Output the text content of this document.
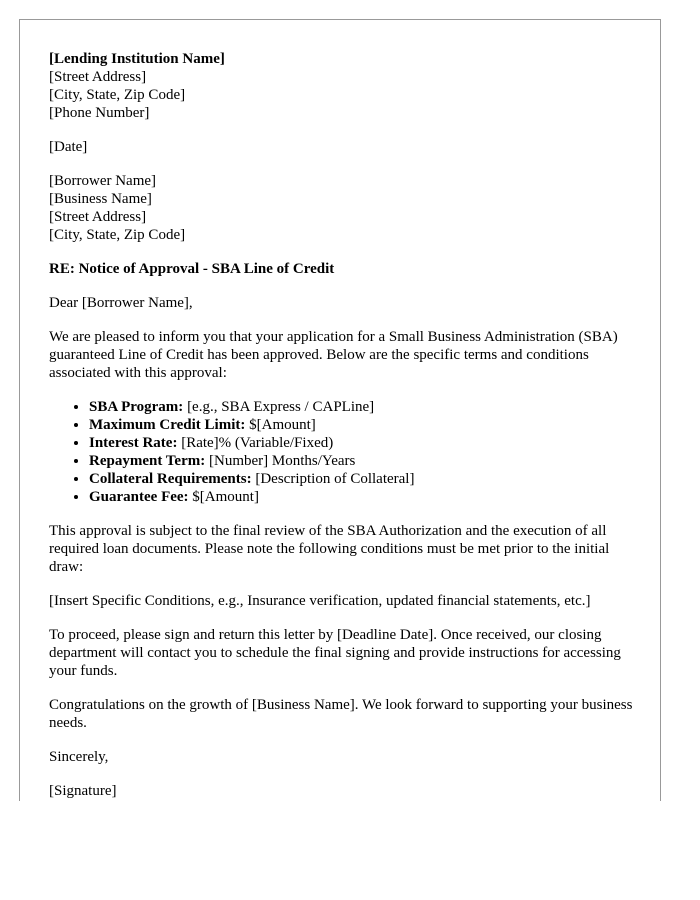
[Lending Institution Name]
[Street Address]
[City, State, Zip Code]
[Phone Number]
[Date]
[Borrower Name]
[Business Name]
[Street Address]
[City, State, Zip Code]

RE: Notice of Approval - SBA Line of Credit

Dear [Borrower Name],

We are pleased to inform you that your application for a Small Business Administration (SBA) guaranteed Line of Credit has been approved. Below are the specific terms and conditions associated with this approval:

• SBA Program: [e.g., SBA Express / CAPLine]
• Maximum Credit Limit: $[Amount]
• Interest Rate: [Rate]% (Variable/Fixed)
• Repayment Term: [Number] Months/Years
• Collateral Requirements: [Description of Collateral]
• Guarantee Fee: $[Amount]

This approval is subject to the final review of the SBA Authorization and the execution of all required loan documents. Please note the following conditions must be met prior to the initial draw:

[Insert Specific Conditions, e.g., Insurance verification, updated financial statements, etc.]

To proceed, please sign and return this letter by [Deadline Date]. Once received, our closing department will contact you to schedule the final signing and provide instructions for accessing your funds.

Congratulations on the growth of [Business Name]. We look forward to supporting your business needs.

Sincerely,

[Signature]
